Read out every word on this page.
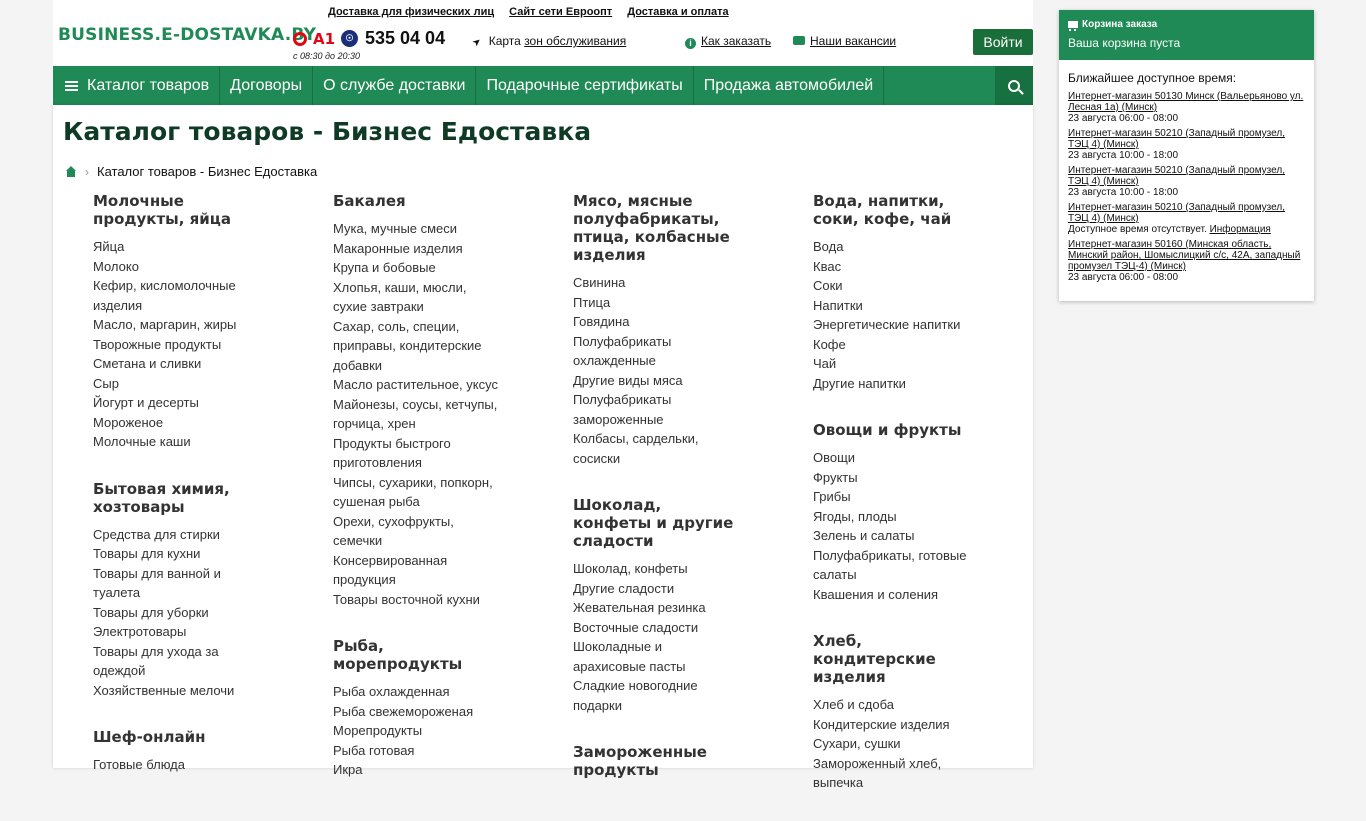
BUSINESS.E-DOSTAVKA.BY
Доставка для физических лиц Сайт сети Евроопт Доставка и оплата
A1	☉ 535 04 04
с 08:30 до 20:30
➤ Карта зон обслуживания	i Как заказать	Наши вакансии	Войти
Каталог товаров	Договоры	О службе доставки	Подарочные сертификаты	Продажа автомобилей
Каталог товаров - Бизнес Едоставка
› Каталог товаров - Бизнес Едоставка
Молочные продукты, яйца
Яйца
Молоко
Кефир, кисломолочные изделия
Масло, маргарин, жиры
Творожные продукты
Сметана и сливки
Сыр
Йогурт и десерты
Мороженое
Молочные каши
Бытовая химия, хозтовары
Средства для стирки
Товары для кухни
Товары для ванной и туалета
Товары для уборки
Электротовары
Товары для ухода за одеждой
Хозяйственные мелочи
Шеф-онлайн
Готовые блюда
Бакалея
Мука, мучные смеси
Макаронные изделия
Крупа и бобовые
Хлопья, каши, мюсли, сухие завтраки
Сахар, соль, специи, приправы, кондитерские добавки
Масло растительное, уксус
Майонезы, соусы, кетчупы, горчица, хрен
Продукты быстрого приготовления
Чипсы, сухарики, попкорн, сушеная рыба
Орехи, сухофрукты, семечки
Консервированная продукция
Товары восточной кухни
Рыба, морепродукты
Рыба охлажденная
Рыба свежемороженая
Морепродукты
Рыба готовая
Икра
Мясо, мясные полуфабрикаты, птица, колбасные изделия
Свинина
Птица
Говядина
Полуфабрикаты охлажденные
Другие виды мяса
Полуфабрикаты замороженные
Колбасы, сардельки, сосиски
Шоколад, конфеты и другие сладости
Шоколад, конфеты
Другие сладости
Жевательная резинка
Восточные сладости
Шоколадные и арахисовые пасты
Сладкие новогодние подарки
Замороженные продукты
Вода, напитки, соки, кофе, чай
Вода
Квас
Соки
Напитки
Энергетические напитки
Кофе
Чай
Другие напитки
Овощи и фрукты
Овощи
Фрукты
Грибы
Ягоды, плоды
Зелень и салаты
Полуфабрикаты, готовые салаты
Квашения и соления
Хлеб, кондитерские изделия
Хлеб и сдоба
Кондитерские изделия
Сухари, сушки
Замороженный хлеб, выпечка
Корзина заказа
Ваша корзина пуста
Ближайшее доступное время:
Интернет-магазин 50130 Минск (Вальерьяново ул. Лесная 1а) (Минск)
23 августа 06:00 - 08:00
Интернет-магазин 50210 (Западный промузел, ТЭЦ 4) (Минск)
23 августа 10:00 - 18:00
Интернет-магазин 50210 (Западный промузел, ТЭЦ 4) (Минск)
23 августа 10:00 - 18:00
Интернет-магазин 50210 (Западный промузел, ТЭЦ 4) (Минск)
Доступное время отсутствует. Информация
Интернет-магазин 50160 (Минская область, Минский район, Шомыслицкий с/с, 42А, западный промузел ТЭЦ-4) (Минск)
23 августа 06:00 - 08:00
